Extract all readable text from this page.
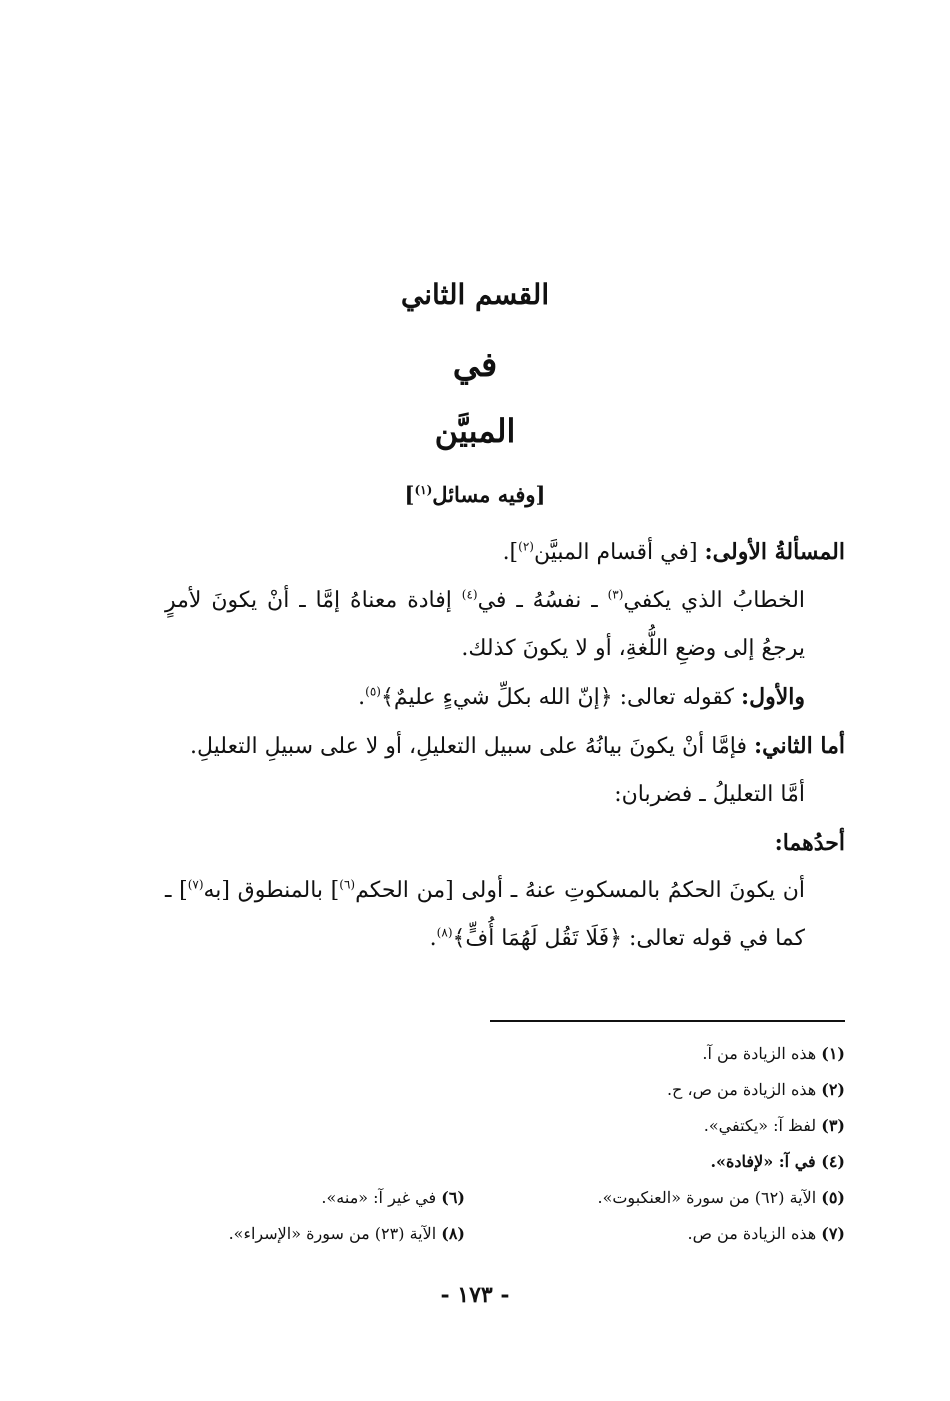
القسم الثاني
في
المبيَّن
[وفيه مسائل$^{(١)}$]

المسألةُ الأولى: [في أقسام المبيَّن$^{(٢)}$].

الخطابُ الذي يكفي$^{(٣)}$ ـ نفسُهُ ـ في$^{(٤)}$ إفادة معناهُ إمَّا ـ أنْ يكونَ لأمرٍ يرجعُ إلى وضعِ اللُّغةِ، أو لا يكونَ كذلك.

والأول: كقوله تعالى: ﴿إنّ الله بكلِّ شيءٍ عليمٌ﴾$^{(٥)}$.

أما الثاني: فإمَّا أنْ يكونَ بيانُهُ على سبيل التعليلِ، أو لا على سبيلِ التعليلِ.

أمَّا التعليلُ ـ فضربان:

أحدُهما:

أن يكونَ الحكمُ بالمسكوتِ عنهُ ـ أولى [من الحكم$^{(٦)}$] بالمنطوق [به$^{(٧)}$] ـ كما في قوله تعالى: ﴿فَلَا تَقُل لَهُمَا أُفٍّ﴾$^{(٨)}$.

(١) هذه الزيادة من آ.
(٢) هذه الزيادة من ص، ح.
(٣) لفظ آ: «يكتفي».
(٤) في آ: «لإفادة».
(٥) الآية (٦٢) من سورة «العنكبوت».
(٦) في غير آ: «منه».
(٧) هذه الزيادة من ص.
(٨) الآية (٢٣) من سورة «الإسراء».
- ١٧٣ -
